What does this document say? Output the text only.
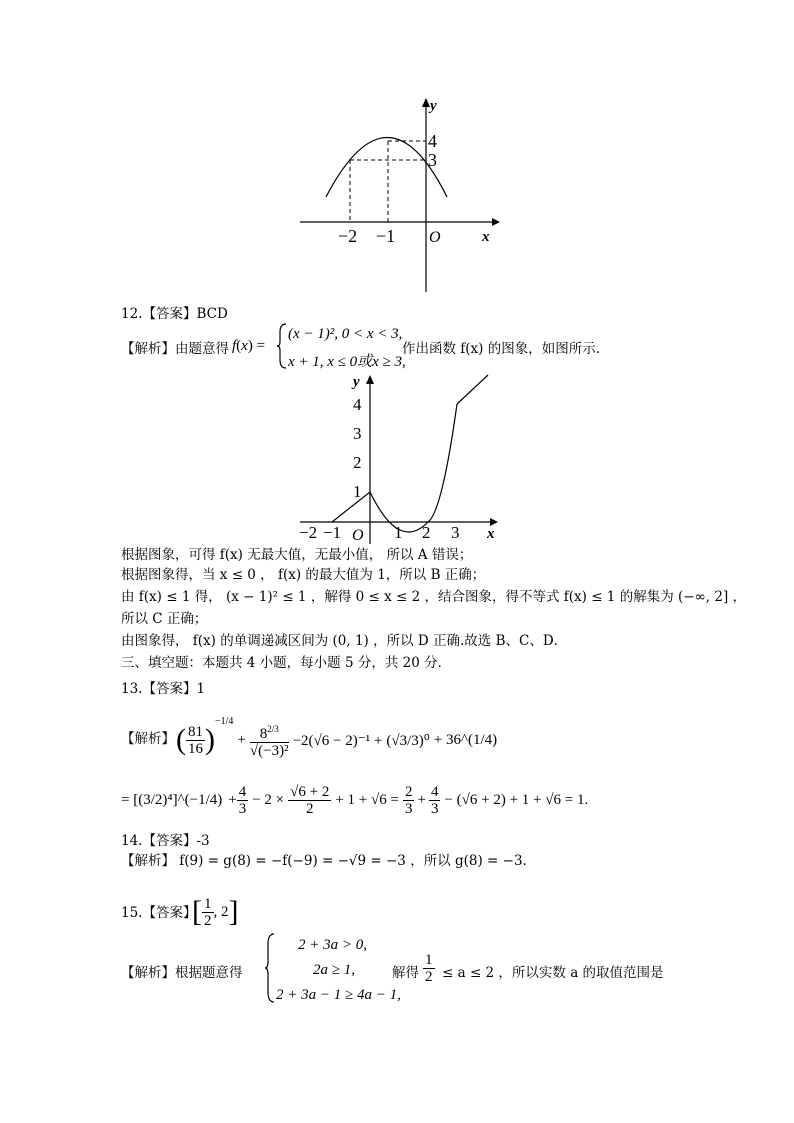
y
x
O
4
3
−2 −1
12.【答案】BCD
【解析】由题意得 f(x) =
(x − 1)², 0 < x < 3,
x + 1, x ≤ 0或x ≥ 3,
作出函数 f(x) 的图象，如图所示.
y
x
O
4
3
2
1
−2 −1	1 2 3
根据图象，可得 f(x) 无最大值，无最小值， 所以 A 错误；
根据图象得，当 x ≤ 0 ， f(x) 的最大值为 1，所以 B 正确；
由 f(x) ≤ 1 得， (x − 1)² ≤ 1 ，解得 0 ≤ x ≤ 2 ，结合图象，得不等式 f(x) ≤ 1 的解集为 (−∞, 2] ，
所以 C 正确；
由图象得， f(x) 的单调递减区间为 (0, 1) ，所以 D 正确.故选 B、C、D．
三、填空题：本题共 4 小题，每小题 5 分，共 20 分．
13.【答案】1
【解析】 ( $\frac{81}{16}$ )
$^{-1/4}$
+ $\frac{8^{2/3}}{\text{√(−3)²}} -2(√6 - 2)^{-1} + (√3/3)^0$ + 36^(1/4)
= [(3/2)⁴]^(−1/4) + $\frac{4}{3} - 2 \times \frac{√6 + 2}{2} + 1 + √6 = \frac{2}{3} + \frac{4}{3} - (√6 + 2) + 1 + √6 = 1$.
14.【答案】-3
【解析】 f(9) = g(8) = −f(−9) = −√9 = −3 ，所以 g(8) = −3.
15.【答案】
[ $\frac{1}{2}$ , 2 ]
【解析】根据题意得
2 + 3a > 0,
2a ≥ 1,
2 + 3a − 1 ≥ 4a − 1,
解得 $\frac{1}{2} \le a \le 2$ ，所以实数 a 的取值范围是
